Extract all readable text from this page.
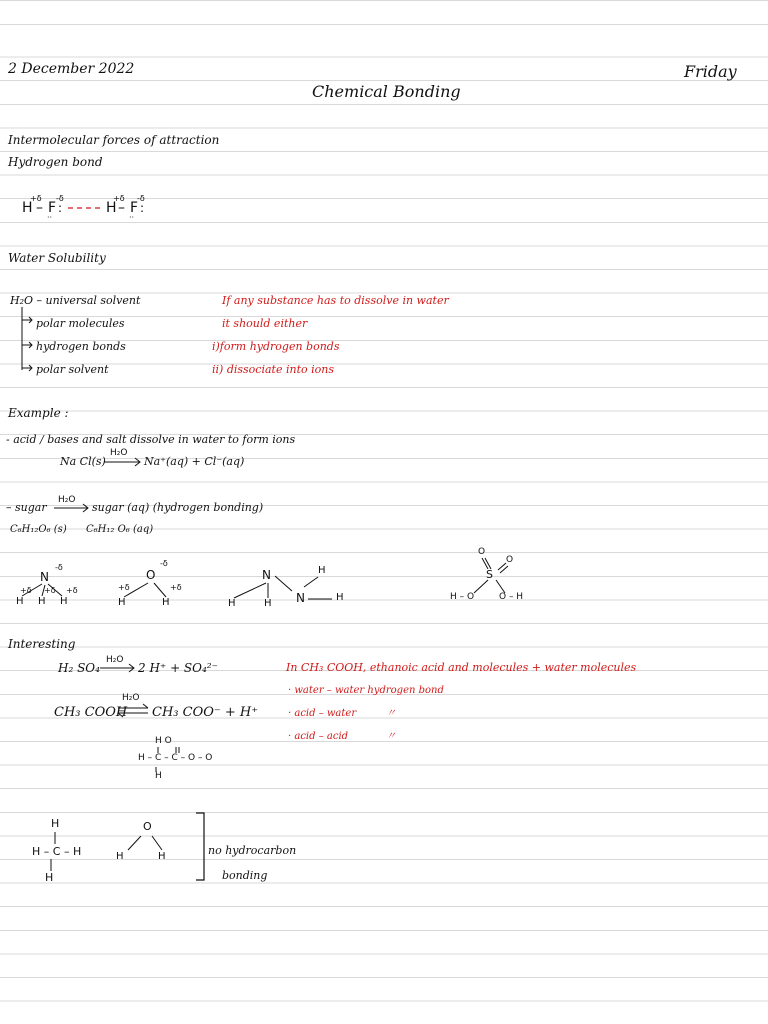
2 December 2022	Friday
Chemical Bonding
Intermolecular forces of attraction
Hydrogen bond
H
+δ
– F
-δ
:
··
H
+δ
– F
-δ
:
··
Water Solubility
H₂O – universal solvent
polar molecules
hydrogen bonds
polar solvent
If any substance has to dissolve in water
it should either
i)form hydrogen bonds
ii) dissociate into ions
Example :
- acid / bases and salt dissolve in water to form ions
Na Cl(s)
H₂O
Na⁺(aq) + Cl⁻(aq)
– sugar
H₂O
sugar (aq) (hydrogen bonding)
C₆H₁₂O₆ (s) C₆H₁₂ O₆ (aq)
N
-δ
H H H
+δ +δ +δ
O
-δ
H	H
+δ	+δ
N	H
H	H N	H
O
O
S
H – O	O – H
Interesting
H₂ SO₄
H₂O
2 H⁺ + SO₄²⁻
CH₃ COOH
H₂O
CH₃ COO⁻ + H⁺
H O
H – C – C – O – O
H
In CH₃ COOH, ethanoic acid and molecules + water molecules
· water – water hydrogen bond
· acid – water
· acid – acid
〃
〃
H
H – C – H
H
O
H	H	no hydrocarbon
bonding
